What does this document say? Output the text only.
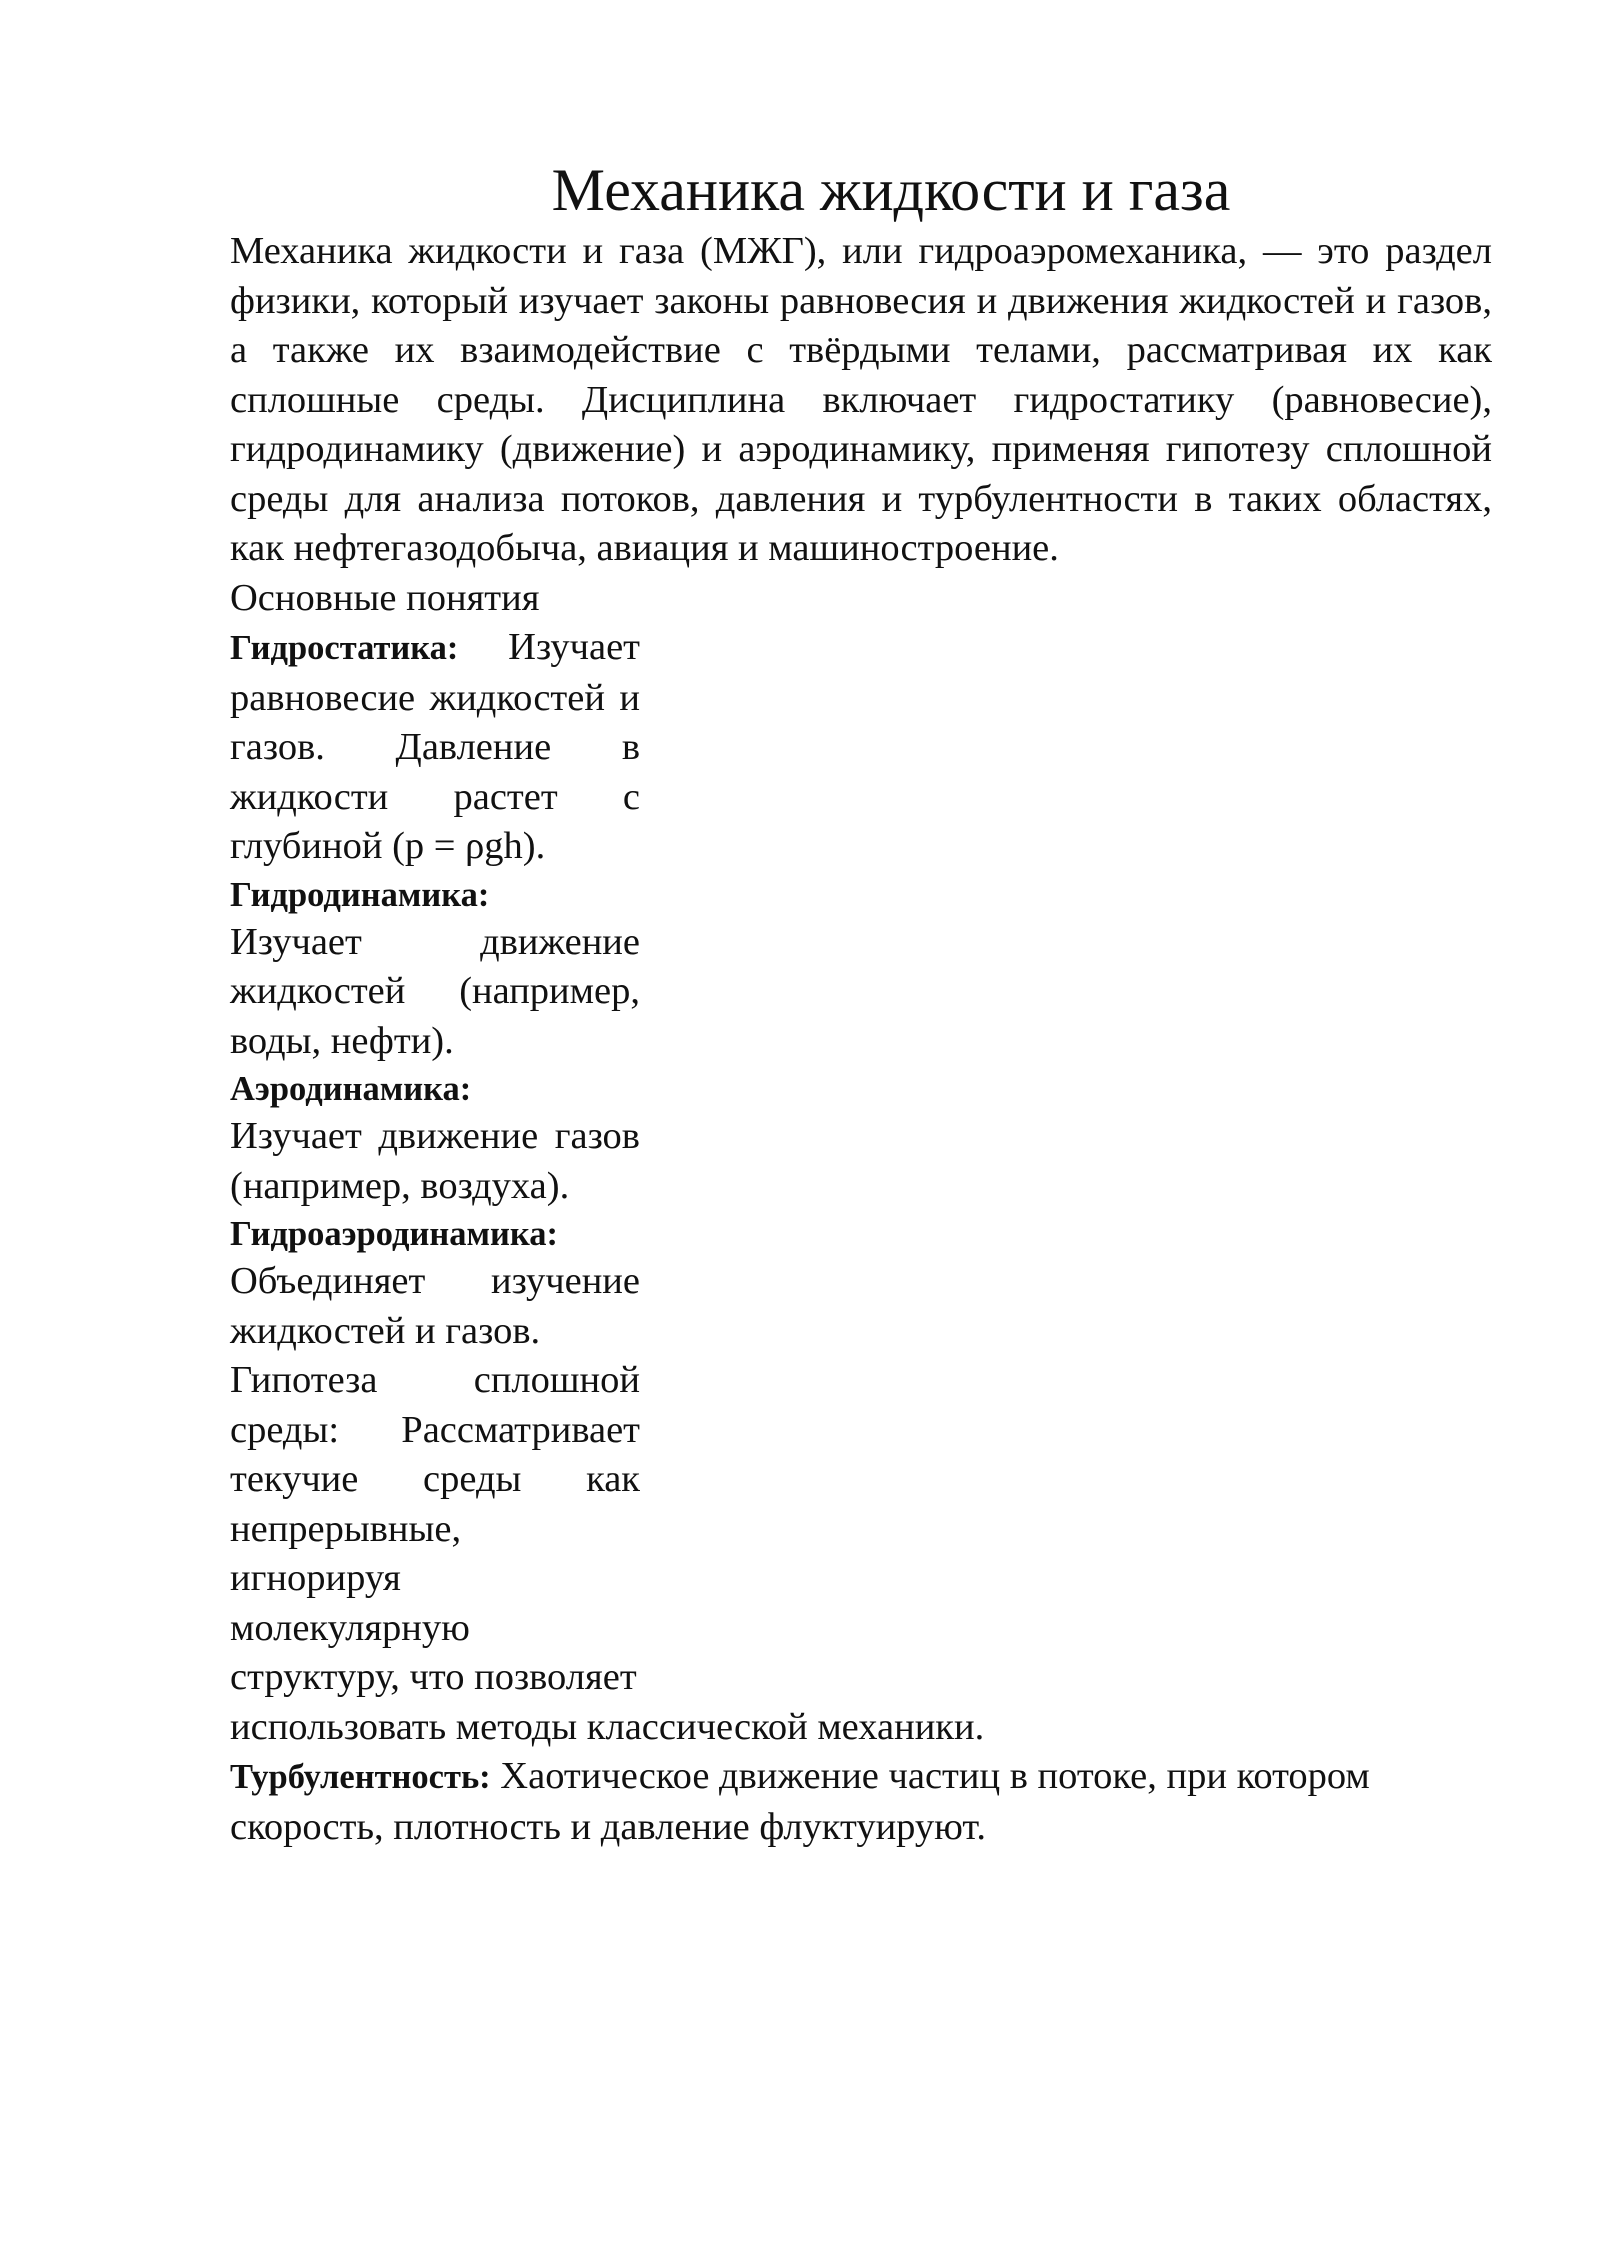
Механика жидкости и газа

Механика жидкости и газа (МЖГ), или гидроаэромеханика, — это раздел физики, который изучает законы равновесия и движения жидкостей и газов, а также их взаимодействие с твёрдыми телами, рассматривая их как сплошные среды. Дисциплина включает гидростатику (равновесие), гидродинамику (движение) и аэродинамику, применяя гипотезу сплошной среды для анализа потоков, давления и турбулентности в таких областях, как нефтегазодобыча, авиация и машиностроение.

Основные понятия

Гидростатика: Изучает равновесие жидкостей и газов. Давление в жидкости растет с глубиной (p = ρgh).

Гидродинамика:
Изучает движение жидкостей (например, воды, нефти).

Аэродинамика:
Изучает движение газов (например, воздуха).

Гидроаэродинамика:
Объединяет изучение жидкостей и газов.

Гипотеза сплошной среды: Рассматривает текучие среды как непрерывные, игнорируя молекулярную структуру, что позволяет

использовать методы классической механики.

Турбулентность: Хаотическое движение частиц в потоке, при котором скорость, плотность и давление флуктуируют.
